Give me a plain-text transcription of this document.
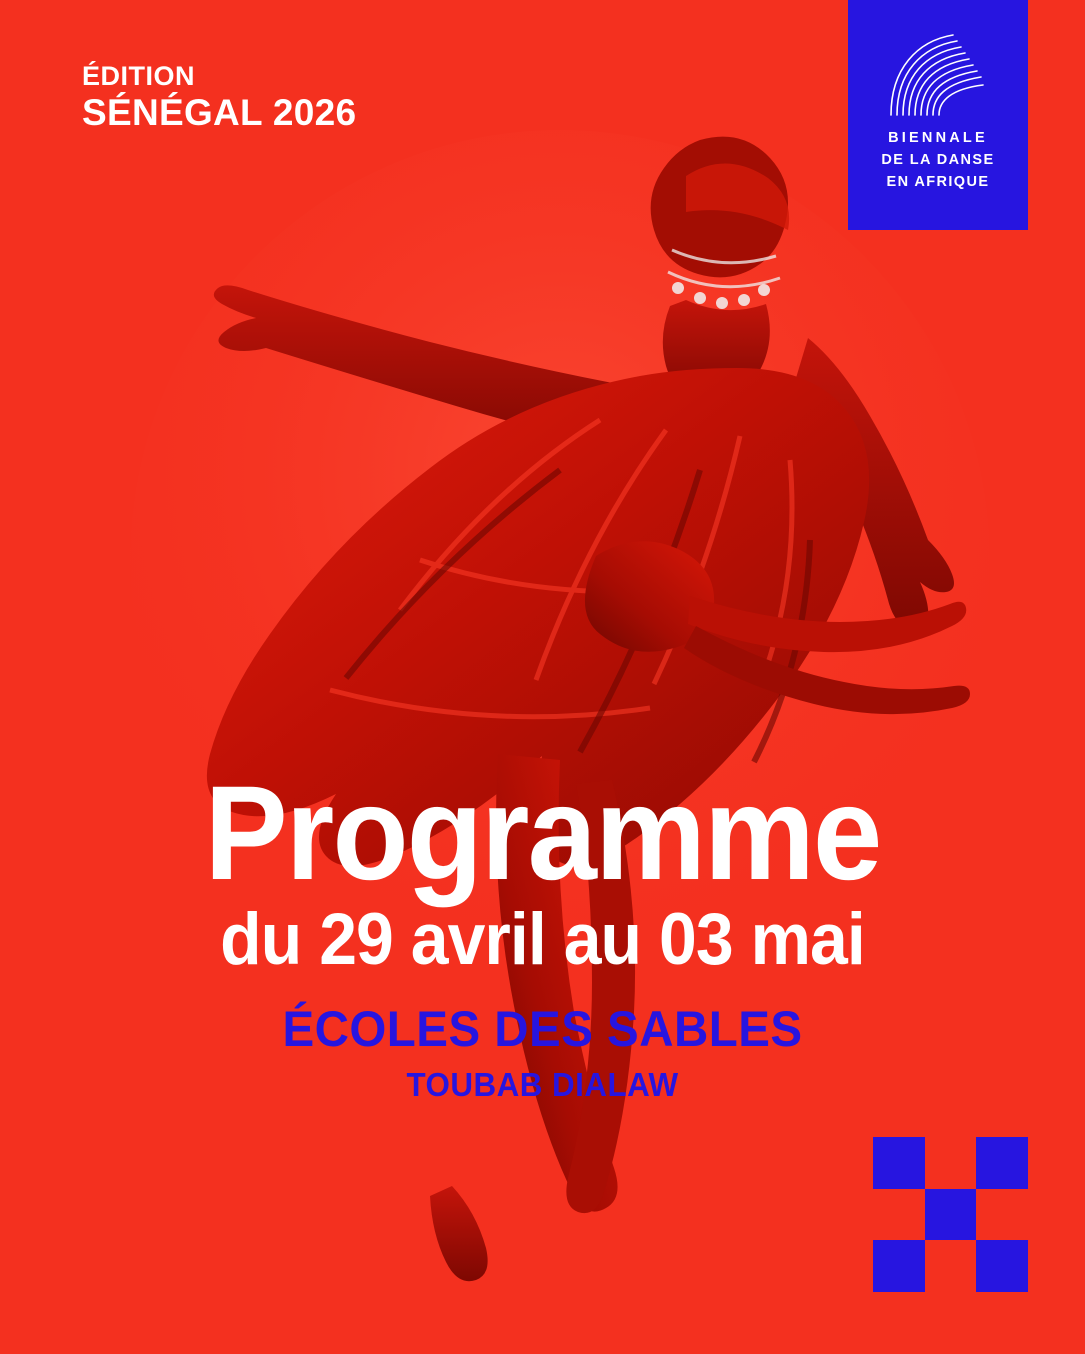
ÉDITION
SÉNÉGAL 2026
BIENNALE
DE LA DANSE
EN AFRIQUE
Programme
du 29 avril au 03 mai
ÉCOLES DES SABLES
TOUBAB DIALAW
